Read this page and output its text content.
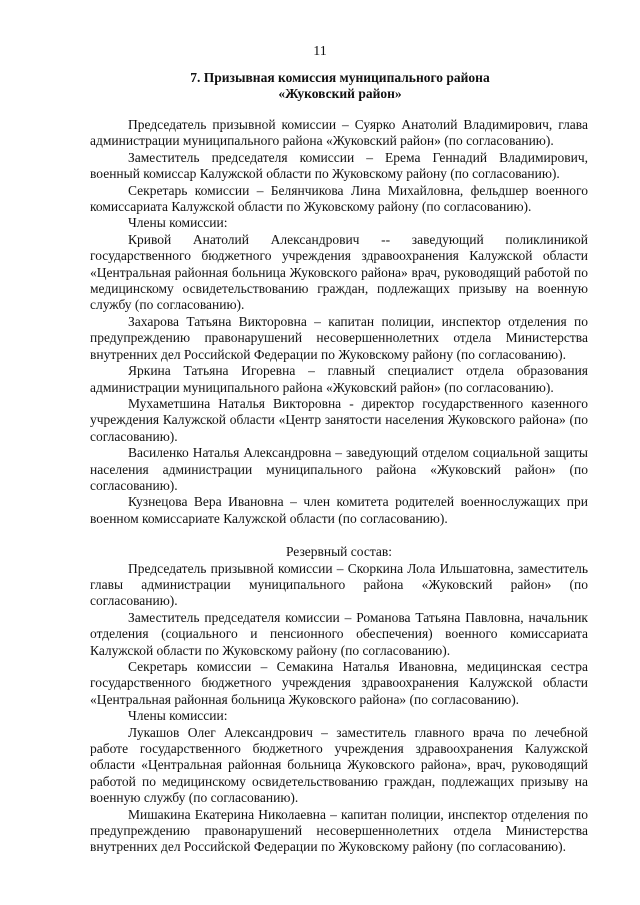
11
7. Призывная комиссия муниципального района
«Жуковский район»

Председатель призывной комиссии – Суярко Анатолий Владимирович, глава администрации муниципального района «Жуковский район» (по согласованию).

Заместитель председателя комиссии – Ерема Геннадий Владимирович, военный комиссар Калужской области по Жуковскому району (по согласованию).

Секретарь комиссии – Белянчикова Лина Михайловна, фельдшер военного комиссариата Калужской области по Жуковскому району (по согласованию).

Члены комиссии:

Кривой Анатолий Александрович -- заведующий поликлиникой государственного бюджетного учреждения здравоохранения Калужской области «Центральная районная больница Жуковского района» врач, руководящий работой по медицинскому освидетельствованию граждан, подлежащих призыву на военную службу (по согласованию).

Захарова Татьяна Викторовна – капитан полиции, инспектор отделения по предупреждению правонарушений несовершеннолетних отдела Министерства внутренних дел Российской Федерации по Жуковскому району (по согласованию).

Яркина Татьяна Игоревна – главный специалист отдела образования администрации муниципального района «Жуковский район» (по согласованию).

Мухаметшина Наталья Викторовна - директор государственного казенного учреждения Калужской области «Центр занятости населения Жуковского района» (по согласованию).

Василенко Наталья Александровна – заведующий отделом социальной защиты населения администрации муниципального района «Жуковский район» (по согласованию).

Кузнецова Вера Ивановна – член комитета родителей военнослужащих при военном комиссариате Калужской области (по согласованию).

Резервный состав:

Председатель призывной комиссии – Скоркина Лола Ильшатовна, заместитель главы администрации муниципального района «Жуковский район» (по согласованию).

Заместитель председателя комиссии – Романова Татьяна Павловна, начальник отделения (социального и пенсионного обеспечения) военного комиссариата Калужской области по Жуковскому району (по согласованию).

Секретарь комиссии – Семакина Наталья Ивановна, медицинская сестра государственного бюджетного учреждения здравоохранения Калужской области «Центральная районная больница Жуковского района» (по согласованию).

Члены комиссии:

Лукашов Олег Александрович – заместитель главного врача по лечебной работе государственного бюджетного учреждения здравоохранения Калужской области «Центральная районная больница Жуковского района», врач, руководящий работой по медицинскому освидетельствованию граждан, подлежащих призыву на военную службу (по согласованию).

Мишакина Екатерина Николаевна – капитан полиции, инспектор отделения по предупреждению правонарушений несовершеннолетних отдела Министерства внутренних дел Российской Федерации по Жуковскому району (по согласованию).
